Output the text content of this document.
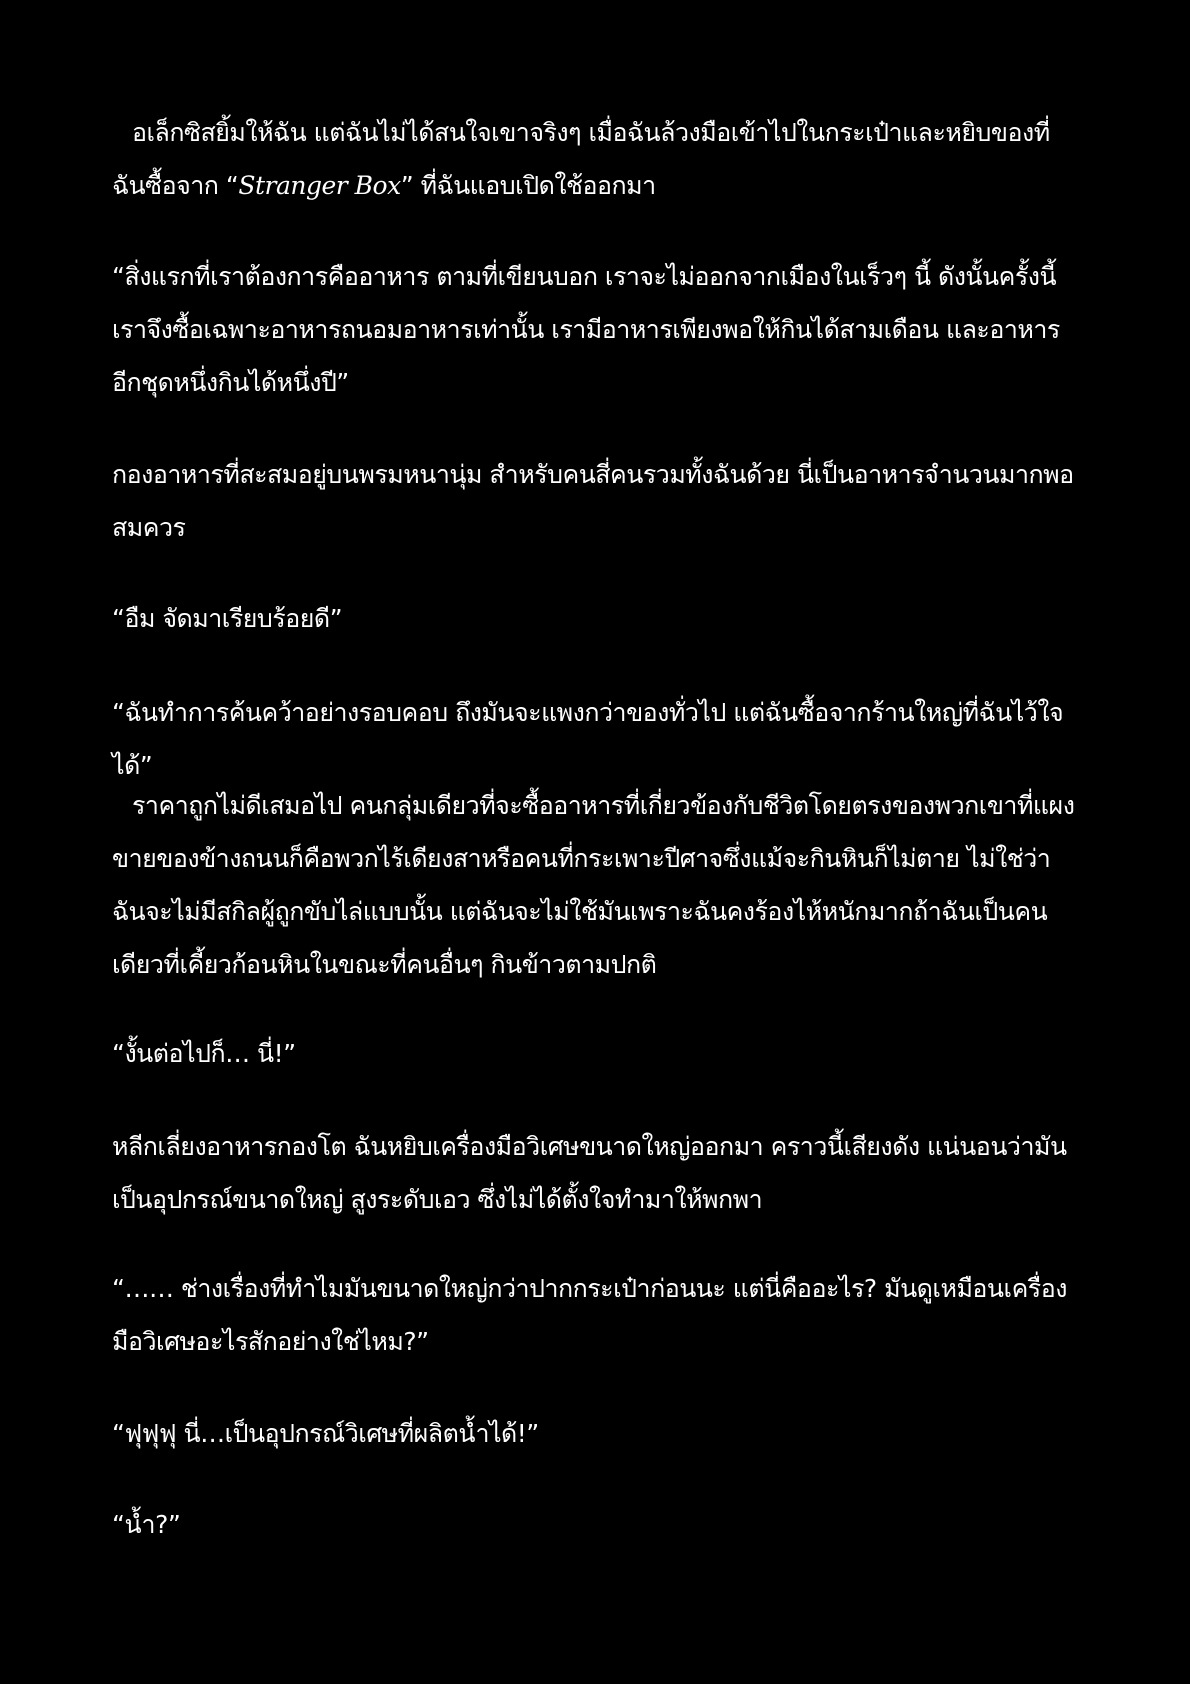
อเล็กซิสยิ้มให้ฉัน แต่ฉันไม่ได้สนใจเขาจริงๆ เมื่อฉันล้วงมือเข้าไปในกระเป๋าและหยิบของที่ฉันซื้อจาก “Stranger Box” ที่ฉันแอบเปิดใช้ออกมา

“สิ่งแรกที่เราต้องการคืออาหาร ตามที่เขียนบอก เราจะไม่ออกจากเมืองในเร็วๆ นี้ ดังนั้นครั้งนี้เราจึงซื้อเฉพาะอาหารถนอมอาหารเท่านั้น เรามีอาหารเพียงพอให้กินได้สามเดือน และอาหารอีกชุดหนึ่งกินได้หนึ่งปี”

กองอาหารที่สะสมอยู่บนพรมหนานุ่ม สำหรับคนสี่คนรวมทั้งฉันด้วย นี่เป็นอาหารจำนวนมากพอสมควร

“อืม จัดมาเรียบร้อยดี”

“ฉันทำการค้นคว้าอย่างรอบคอบ ถึงมันจะแพงกว่าของทั่วไป แต่ฉันซื้อจากร้านใหญ่ที่ฉันไว้ใจได้”

ราคาถูกไม่ดีเสมอไป คนกลุ่มเดียวที่จะซื้ออาหารที่เกี่ยวข้องกับชีวิตโดยตรงของพวกเขาที่แผงขายของข้างถนนก็คือพวกไร้เดียงสาหรือคนที่กระเพาะปีศาจซึ่งแม้จะกินหินก็ไม่ตาย ไม่ใช่ว่าฉันจะไม่มีสกิลผู้ถูกขับไล่แบบนั้น แต่ฉันจะไม่ใช้มันเพราะฉันคงร้องไห้หนักมากถ้าฉันเป็นคนเดียวที่เคี้ยวก้อนหินในขณะที่คนอื่นๆ กินข้าวตามปกติ

“งั้นต่อไปก็… นี่!”

หลีกเลี่ยงอาหารกองโต ฉันหยิบเครื่องมือวิเศษขนาดใหญ่ออกมา คราวนี้เสียงดัง แน่นอนว่ามันเป็นอุปกรณ์ขนาดใหญ่ สูงระดับเอว ซึ่งไม่ได้ตั้งใจทำมาให้พกพา

“…… ช่างเรื่องที่ทำไมมันขนาดใหญ่กว่าปากกระเป๋าก่อนนะ แต่นี่คืออะไร? มันดูเหมือนเครื่องมือวิเศษอะไรสักอย่างใช่ไหม?”

“ฟุฟุฟุ นี่…เป็นอุปกรณ์วิเศษที่ผลิตน้ำได้!”

“น้ำ?”
